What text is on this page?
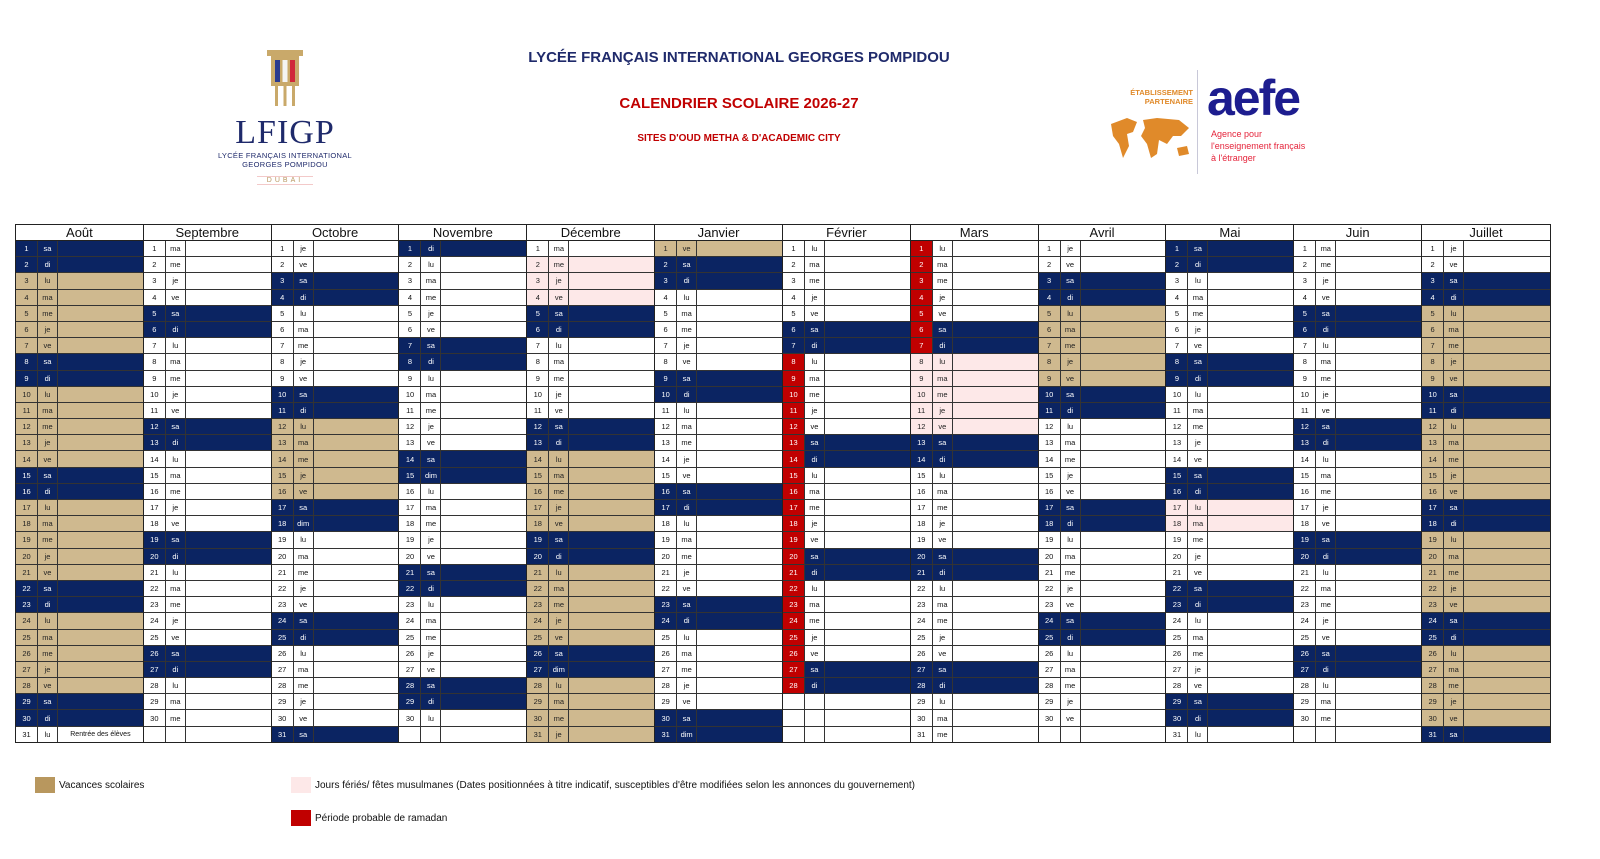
LFIGP
LYCÉE FRANÇAIS INTERNATIONAL
GEORGES POMPIDOU
DUBAI
LYCÉE FRANÇAIS INTERNATIONAL GEORGES POMPIDOU
CALENDRIER SCOLAIRE 2026-27
SITES D'OUD METHA & D'ACADEMIC CITY
ÉTABLISSEMENT
PARTENAIRE aefe
Agence pour
l'enseignement français
à l'étranger
Août
1	sa
2	di
3	lu
4	ma
5	me
6	je
7	ve
8	sa
9	di
10	lu
11	ma
12	me
13	je
14	ve
15	sa
16	di
17	lu
18	ma
19	me
20	je
21	ve
22	sa
23	di
24	lu
25	ma
26	me
27	je
28	ve
29	sa
30	di
31	lu	Rentrée des élèves
Septembre
1	ma
2	me
3	je
4	ve
5	sa
6	di
7	lu
8	ma
9	me
10	je
11	ve
12	sa
13	di
14	lu
15	ma
16	me
17	je
18	ve
19	sa
20	di
21	lu
22	ma
23	me
24	je
25	ve
26	sa
27	di
28	lu
29	ma
30	me
Octobre
1	je
2	ve
3	sa
4	di
5	lu
6	ma
7	me
8	je
9	ve
10	sa
11	di
12	lu
13	ma
14	me
15	je
16	ve
17	sa
18	dim
19	lu
20	ma
21	me
22	je
23	ve
24	sa
25	di
26	lu
27	ma
28	me
29	je
30	ve
31	sa
Novembre
1	di
2	lu
3	ma
4	me
5	je
6	ve
7	sa
8	di
9	lu
10	ma
11	me
12	je
13	ve
14	sa
15	dim
16	lu
17	ma
18	me
19	je
20	ve
21	sa
22	di
23	lu
24	ma
25	me
26	je
27	ve
28	sa
29	di
30	lu
Décembre
1	ma
2	me
3	je
4	ve
5	sa
6	di
7	lu
8	ma
9	me
10	je
11	ve
12	sa
13	di
14	lu
15	ma
16	me
17	je
18	ve
19	sa
20	di
21	lu
22	ma
23	me
24	je
25	ve
26	sa
27	dim
28	lu
29	ma
30	me
31	je
Janvier
1	ve
2	sa
3	di
4	lu
5	ma
6	me
7	je
8	ve
9	sa
10	di
11	lu
12	ma
13	me
14	je
15	ve
16	sa
17	di
18	lu
19	ma
20	me
21	je
22	ve
23	sa
24	di
25	lu
26	ma
27	me
28	je
29	ve
30	sa
31	dim
Février
1	lu
2	ma
3	me
4	je
5	ve
6	sa
7	di
8	lu
9	ma
10	me
11	je
12	ve
13	sa
14	di
15	lu
16	ma
17	me
18	je
19	ve
20	sa
21	di
22	lu
23	ma
24	me
25	je
26	ve
27	sa
28	di
Mars
1	lu
2	ma
3	me
4	je
5	ve
6	sa
7	di
8	lu
9	ma
10	me
11	je
12	ve
13	sa
14	di
15	lu
16	ma
17	me
18	je
19	ve
20	sa
21	di
22	lu
23	ma
24	me
25	je
26	ve
27	sa
28	di
29	lu
30	ma
31	me
Avril
1	je
2	ve
3	sa
4	di
5	lu
6	ma
7	me
8	je
9	ve
10	sa
11	di
12	lu
13	ma
14	me
15	je
16	ve
17	sa
18	di
19	lu
20	ma
21	me
22	je
23	ve
24	sa
25	di
26	lu
27	ma
28	me
29	je
30	ve
Mai
1	sa
2	di
3	lu
4	ma
5	me
6	je
7	ve
8	sa
9	di
10	lu
11	ma
12	me
13	je
14	ve
15	sa
16	di
17	lu
18	ma
19	me
20	je
21	ve
22	sa
23	di
24	lu
25	ma
26	me
27	je
28	ve
29	sa
30	di
31	lu
Juin
1	ma
2	me
3	je
4	ve
5	sa
6	di
7	lu
8	ma
9	me
10	je
11	ve
12	sa
13	di
14	lu
15	ma
16	me
17	je
18	ve
19	sa
20	di
21	lu
22	ma
23	me
24	je
25	ve
26	sa
27	di
28	lu
29	ma
30	me
Juillet
1	je
2	ve
3	sa
4	di
5	lu
6	ma
7	me
8	je
9	ve
10	sa
11	di
12	lu
13	ma
14	me
15	je
16	ve
17	sa
18	di
19	lu
20	ma
21	me
22	je
23	ve
24	sa
25	di
26	lu
27	ma
28	me
29	je
30	ve
31	sa
Vacances scolaires	Jours fériés/ fêtes musulmanes (Dates positionnées à titre indicatif, susceptibles d'être modifiées selon les annonces du gouvernement)
Période probable de ramadan
